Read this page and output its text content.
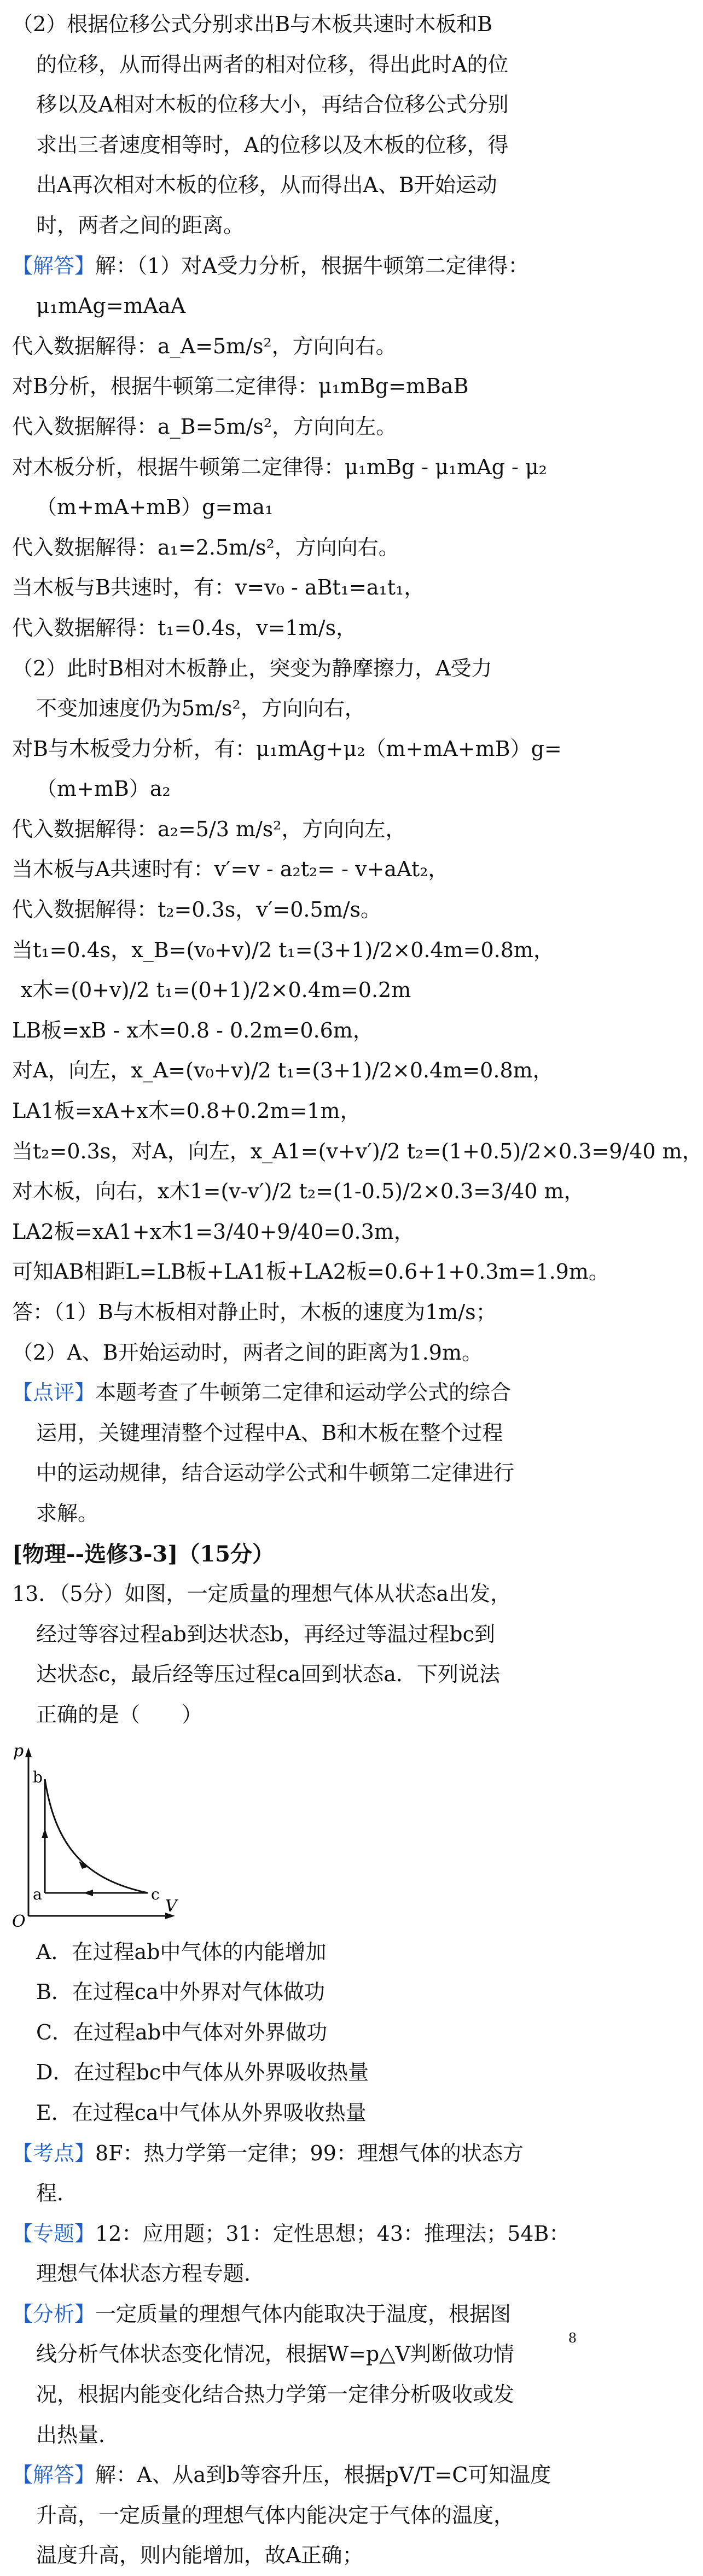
（2）根据位移公式分别求出B与木板共速时木板和B
的位移，从而得出两者的相对位移，得出此时A的位
移以及A相对木板的位移大小，再结合位移公式分别
求出三者速度相等时，A的位移以及木板的位移，得
出A再次相对木板的位移，从而得出A、B开始运动
时，两者之间的距离。
【解答】解：（1）对A受力分析，根据牛顿第二定律得：
μ₁mAg=mAaA
代入数据解得：a_A=5m/s²，方向向右。
对B分析，根据牛顿第二定律得：μ₁mBg=mBaB
代入数据解得：a_B=5m/s²，方向向左。
对木板分析，根据牛顿第二定律得：μ₁mBg - μ₁mAg - μ₂
（m+mA+mB）g=ma₁
代入数据解得：a₁=2.5m/s²，方向向右。
当木板与B共速时，有：v=v₀ - aBt₁=a₁t₁，
代入数据解得：t₁=0.4s，v=1m/s，
（2）此时B相对木板静止，突变为静摩擦力，A受力
不变加速度仍为5m/s²，方向向右，
对B与木板受力分析，有：μ₁mAg+μ₂（m+mA+mB）g=
（m+mB）a₂
代入数据解得：a₂=5/3 m/s²，方向向左，
当木板与A共速时有：v′=v - a₂t₂= - v+aAt₂，
代入数据解得：t₂=0.3s，v′=0.5m/s。
当t₁=0.4s，x_B=(v₀+v)/2 t₁=(3+1)/2×0.4m=0.8m，
x木=(0+v)/2 t₁=(0+1)/2×0.4m=0.2m
LB板=xB - x木=0.8 - 0.2m=0.6m，
对A，向左，x_A=(v₀+v)/2 t₁=(3+1)/2×0.4m=0.8m，
LA1板=xA+x木=0.8+0.2m=1m，
当t₂=0.3s，对A，向左，x_A1=(v+v′)/2 t₂=(1+0.5)/2×0.3=9/40 m，
对木板，向右，x木1=(v-v′)/2 t₂=(1-0.5)/2×0.3=3/40 m，
LA2板=xA1+x木1=3/40+9/40=0.3m，
可知AB相距L=LB板+LA1板+LA2板=0.6+1+0.3m=1.9m。
答：（1）B与木板相对静止时，木板的速度为1m/s；
（2）A、B开始运动时，两者之间的距离为1.9m。
【点评】本题考查了牛顿第二定律和运动学公式的综合
运用，关键理清整个过程中A、B和木板在整个过程
中的运动规律，结合运动学公式和牛顿第二定律进行
求解。
[物理--选修3-3]（15分）
13．（5分）如图，一定质量的理想气体从状态a出发，
经过等容过程ab到达状态b，再经过等温过程bc到
达状态c，最后经等压过程ca回到状态a．下列说法
正确的是（　　）
p
V
O
b
a	c
A．在过程ab中气体的内能增加
B．在过程ca中外界对气体做功
C．在过程ab中气体对外界做功
D．在过程bc中气体从外界吸收热量
E．在过程ca中气体从外界吸收热量
【考点】8F：热力学第一定律；99：理想气体的状态方
程．
【专题】12：应用题；31：定性思想；43：推理法；54B：
理想气体状态方程专题．
【分析】一定质量的理想气体内能取决于温度，根据图
线分析气体状态变化情况，根据W=p△V判断做功情
况，根据内能变化结合热力学第一定律分析吸收或发
出热量．
【解答】解：A、从a到b等容升压，根据pV/T=C可知温度
升高，一定质量的理想气体内能决定于气体的温度，
温度升高，则内能增加，故A正确；
8
